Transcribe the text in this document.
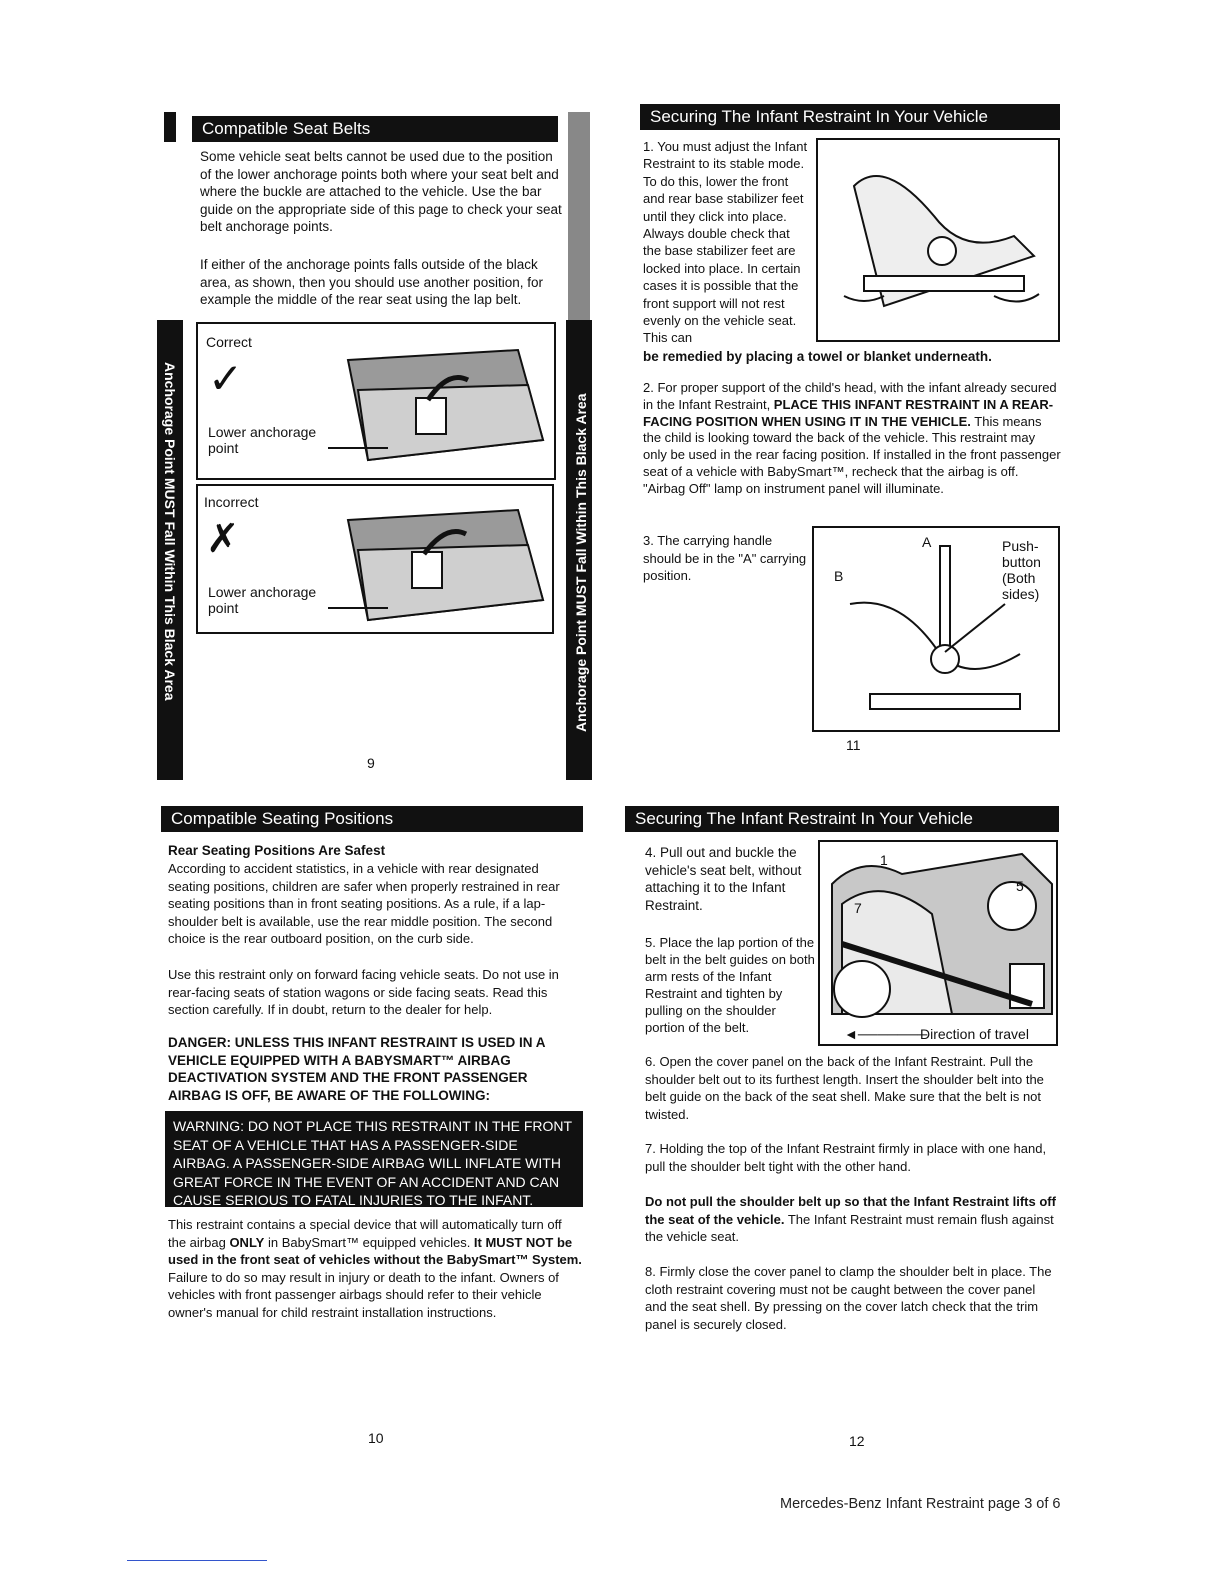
Compatible Seat Belts
Some vehicle seat belts cannot be used due to the position of the lower anchorage points both where your seat belt and where the buckle are attached to the vehicle. Use the bar guide on the appropriate side of this page to check your seat belt anchorage points.
If either of the anchorage points falls outside of the black area, as shown, then you should use another position, for example the middle of the rear seat using the lap belt.
Anchorage Point MUST Fall Within This Black Area	Anchorage Point MUST Fall Within This Black Area
Correct
✓
Lower anchorage point
Incorrect
✗
Lower anchorage point
9
Securing The Infant Restraint In Your Vehicle
1. You must adjust the Infant Restraint to its stable mode. To do this, lower the front and rear base stabilizer feet until they click into place. Always double check that the base stabilizer feet are locked into place. In certain cases it is possible that the front support will not rest evenly on the vehicle seat. This can
be remedied by placing a towel or blanket underneath.
2. For proper support of the child's head, with the infant already secured in the Infant Restraint, PLACE THIS INFANT RESTRAINT IN A REAR-FACING POSITION WHEN USING IT IN THE VEHICLE. This means the child is looking toward the back of the vehicle. This restraint may only be used in the rear facing position. If installed in the front passenger seat of a vehicle with BabySmart™, recheck that the airbag is off. "Airbag Off" lamp on instrument panel will illuminate.
3. The carrying handle should be in the "A" carrying position.
A
B
Push-button (Both sides)
11
Compatible Seating Positions
Rear Seating Positions Are Safest
According to accident statistics, in a vehicle with rear designated seating positions, children are safer when properly restrained in rear seating positions than in front seating positions. As a rule, if a lap-shoulder belt is available, use the rear middle position. The second choice is the rear outboard position, on the curb side.
Use this restraint only on forward facing vehicle seats. Do not use in rear-facing seats of station wagons or side facing seats. Read this section carefully. If in doubt, return to the dealer for help.
DANGER: UNLESS THIS INFANT RESTRAINT IS USED IN A VEHICLE EQUIPPED WITH A BABYSMART™ AIRBAG DEACTIVATION SYSTEM AND THE FRONT PASSENGER AIRBAG IS OFF, BE AWARE OF THE FOLLOWING:
WARNING: DO NOT PLACE THIS RESTRAINT IN THE FRONT SEAT OF A VEHICLE THAT HAS A PASSENGER-SIDE AIRBAG. A PASSENGER-SIDE AIRBAG WILL INFLATE WITH GREAT FORCE IN THE EVENT OF AN ACCIDENT AND CAN CAUSE SERIOUS TO FATAL INJURIES TO THE INFANT.
This restraint contains a special device that will automatically turn off the airbag ONLY in BabySmart™ equipped vehicles. It MUST NOT be used in the front seat of vehicles without the BabySmart™ System. Failure to do so may result in injury or death to the infant. Owners of vehicles with front passenger airbags should refer to their vehicle owner's manual for child restraint installation instructions.
10
Securing The Infant Restraint In Your Vehicle
4. Pull out and buckle the vehicle's seat belt, without attaching it to the Infant Restraint.
5. Place the lap portion of the belt in the belt guides on both arm rests of the Infant Restraint and tighten by pulling on the shoulder portion of the belt.
1
7
5
◄───────
Direction of travel
6. Open the cover panel on the back of the Infant Restraint. Pull the shoulder belt out to its furthest length. Insert the shoulder belt into the belt guide on the back of the seat shell. Make sure that the belt is not twisted.
7. Holding the top of the Infant Restraint firmly in place with one hand, pull the shoulder belt tight with the other hand.
Do not pull the shoulder belt up so that the Infant Restraint lifts off the seat of the vehicle. The Infant Restraint must remain flush against the vehicle seat.
8. Firmly close the cover panel to clamp the shoulder belt in place. The cloth restraint covering must not be caught between the cover panel and the seat shell. By pressing on the cover latch check that the trim panel is securely closed.
12
Mercedes-Benz Infant Restraint page 3 of 6
